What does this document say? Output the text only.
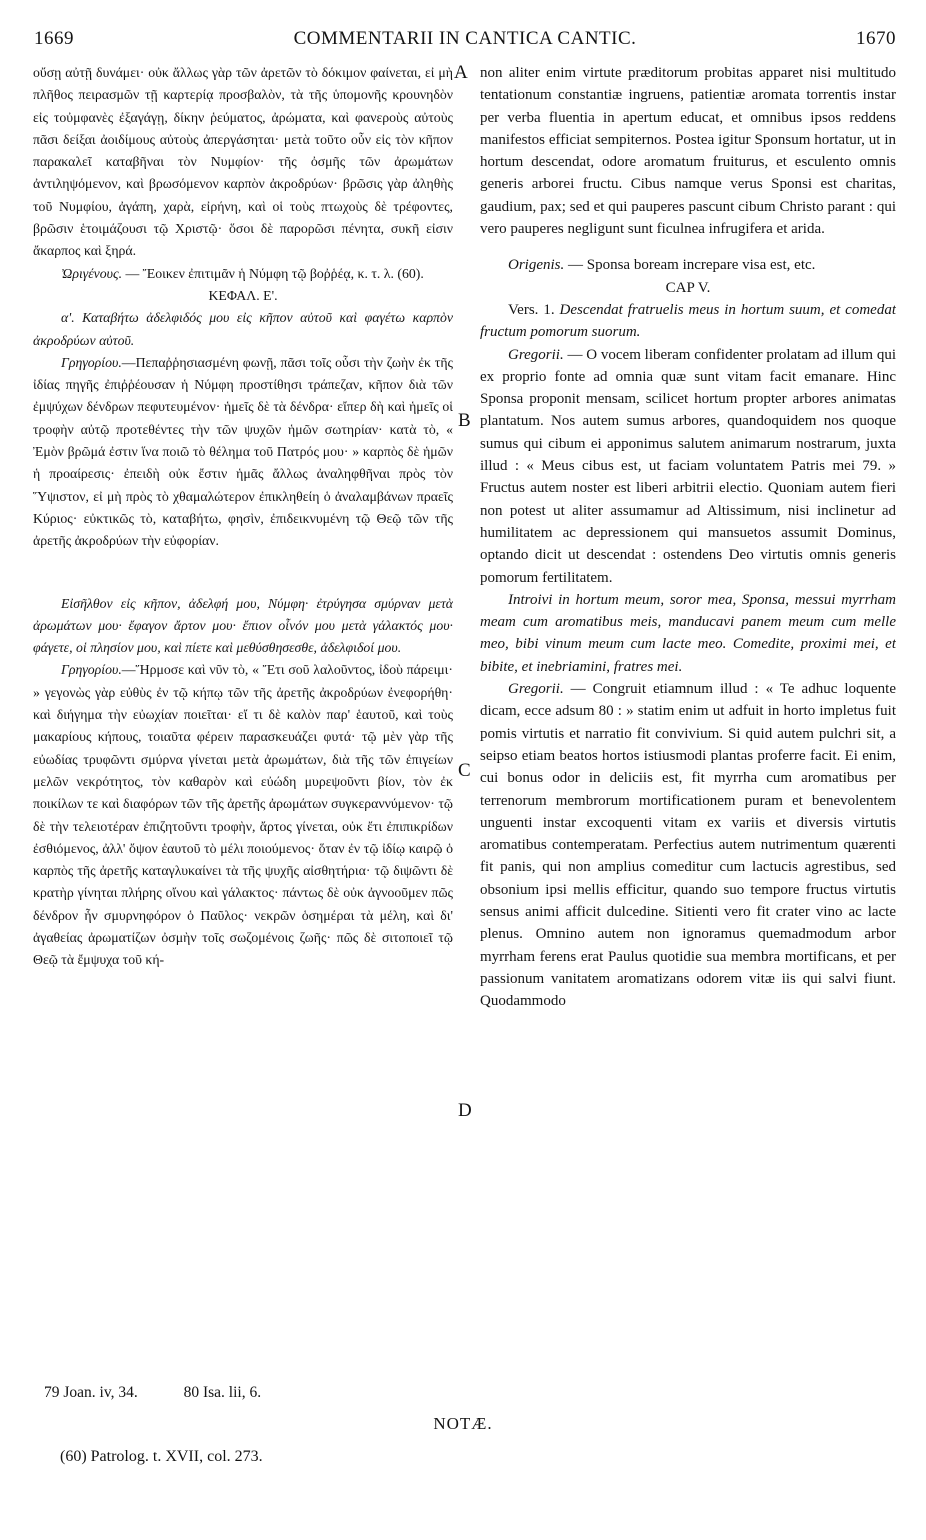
1669	COMMENTARII IN CANTICA CANTIC.	1670
A
B
C
D

οὔσῃ αὐτῇ δυνάμει· οὐκ ἄλλως γὰρ τῶν ἀρετῶν τὸ δόκιμον φαίνεται, εἰ μὴ πλῆθος πειρασμῶν τῇ καρτερίᾳ προσβαλὸν, τὰ τῆς ὑπομονῆς κρουνηδὸν εἰς τοὐμφανὲς ἐξαγάγῃ, δίκην ῥεύματος, ἀρώματα, καὶ φανεροὺς αὐτοὺς πᾶσι δείξαι ἀοιδίμους αὐτοὺς ἀπεργάσηται· μετὰ τοῦτο οὖν εἰς τὸν κῆπον παρακαλεῖ καταβῆναι τὸν Νυμφίον· τῆς ὀσμῆς τῶν ἀρωμάτων ἀντιληψόμενον, καὶ βρωσόμενον καρπὸν ἀκροδρύων· βρῶσις γὰρ ἀληθὴς τοῦ Νυμφίου, ἀγάπη, χαρὰ, εἰρήνη, καὶ οἱ τοὺς πτωχοὺς δὲ τρέφοντες, βρῶσιν ἑτοιμάζουσι τῷ Χριστῷ· ὅσοι δὲ παρορῶσι πένητα, συκῆ εἰσιν ἄκαρπος καὶ ξηρά.

Ὠριγένους. — Ἔοικεν ἐπιτιμᾶν ἡ Νύμφη τῷ βοῤῥέᾳ, κ. τ. λ. (60).

ΚΕΦΑΛ. Ε'.

α'. Καταβήτω ἀδελφιδός μου εἰς κῆπον αὐτοῦ καὶ φαγέτω καρπὸν ἀκροδρύων αὐτοῦ.

Γρηγορίου.—Πεπαῤῥησιασμένη φωνῇ, πᾶσι τοῖς οὖσι τὴν ζωὴν ἐκ τῆς ἰδίας πηγῆς ἐπιῤῥέουσαν ἡ Νύμφη προστίθησι τράπεζαν, κῆπον διὰ τῶν ἐμψύχων δένδρων πεφυτευμένον· ἡμεῖς δὲ τὰ δένδρα· εἴπερ δὴ καὶ ἡμεῖς οἱ τροφὴν αὐτῷ προτεθέντες τὴν τῶν ψυχῶν ἡμῶν σωτηρίαν· κατὰ τὸ, « Ἐμὸν βρῶμά ἐστιν ἵνα ποιῶ τὸ θέλημα τοῦ Πατρός μου· » καρπὸς δὲ ἡμῶν ἡ προαίρεσις· ἐπειδὴ οὐκ ἔστιν ἡμᾶς ἄλλως ἀναληφθῆναι πρὸς τὸν Ὕψιστον, εἰ μὴ πρὸς τὸ χθαμαλώτερον ἐπικληθείη ὁ ἀναλαμβάνων πραεῖς Κύριος· εὐκτικῶς τὸ, καταβήτω, φησὶν, ἐπιδεικνυμένη τῷ Θεῷ τῶν τῆς ἀρετῆς ἀκροδρύων τὴν εὐφορίαν.

Εἰσῆλθον εἰς κῆπον, ἀδελφή μου, Νύμφη· ἐτρύγησα σμύρναν μετὰ ἀρωμάτων μου· ἔφαγον ἄρτον μου· ἔπιον οἶνόν μου μετὰ γάλακτός μου· φάγετε, οἱ πλησίον μου, καὶ πίετε καὶ μεθύσθησεσθε, ἀδελφιδοί μου.

Γρηγορίου.—Ἥρμοσε καὶ νῦν τὸ, « Ἔτι σοῦ λαλοῦντος, ἰδοὺ πάρειμι· » γεγονὼς γὰρ εὐθὺς ἐν τῷ κήπῳ τῶν τῆς ἀρετῆς ἀκροδρύων ἐνεφορήθη· καὶ διήγημα τὴν εὐωχίαν ποιεῖται· εἴ τι δὲ καλὸν παρ' ἑαυτοῦ, καὶ τοὺς μακαρίους κήπους, τοιαῦτα φέρειν παρασκευάζει φυτά· τῷ μὲν γὰρ τῆς εὐωδίας τρυφῶντι σμύρνα γίνεται μετὰ ἀρωμάτων, διὰ τῆς τῶν ἐπιγείων μελῶν νεκρότητος, τὸν καθαρὸν καὶ εὐώδη μυρεψοῦντι βίον, τὸν ἐκ ποικίλων τε καὶ διαφόρων τῶν τῆς ἀρετῆς ἀρωμάτων συγκεραννύμενον· τῷ δὲ τὴν τελειοτέραν ἐπιζητοῦντι τροφὴν, ἄρτος γίνεται, οὐκ ἔτι ἐπιπικρίδων ἐσθιόμενος, ἀλλ' ὄψον ἑαυτοῦ τὸ μέλι ποιούμενος· ὅταν ἐν τῷ ἰδίῳ καιρῷ ὁ καρπὸς τῆς ἀρετῆς καταγλυκαίνει τὰ τῆς ψυχῆς αἰσθητήρια· τῷ διψῶντι δὲ κρατὴρ γίνηται πλήρης οἴνου καὶ γάλακτος· πάντως δὲ οὐκ ἀγνοοῦμεν πῶς δένδρον ἦν σμυρνηφόρον ὁ Παῦλος· νεκρῶν ὁσημέραι τὰ μέλη, καὶ δι' ἀγαθείας ἀρωματίζων ὀσμὴν τοῖς σωζομένοις ζωῆς· πῶς δὲ σιτοποιεῖ τῷ Θεῷ τὰ ἔμψυχα τοῦ κή-

non aliter enim virtute præditorum probitas apparet nisi multitudo tentationum constantiæ ingruens, patientiæ aromata torrentis instar per verba fluentia in apertum educat, et omnibus ipsos reddens manifestos efficiat sempiternos. Postea igitur Sponsum hortatur, ut in hortum descendat, odore aromatum fruiturus, et esculento omnis generis arborei fructu. Cibus namque verus Sponsi est charitas, gaudium, pax; sed et qui pauperes pascunt cibum Christo parant : qui vero pauperes negligunt sunt ficulnea infrugifera et arida.

Origenis. — Sponsa boream increpare visa est, etc.

CAP V.

Vers. 1. Descendat fratruelis meus in hortum suum, et comedat fructum pomorum suorum.

Gregorii. — O vocem liberam confidenter prolatam ad illum qui ex proprio fonte ad omnia quæ sunt vitam facit emanare. Hinc Sponsa proponit mensam, scilicet hortum propter arbores animatas plantatum. Nos autem sumus arbores, quandoquidem nos quoque sumus qui cibum ei apponimus salutem animarum nostrarum, juxta illud : « Meus cibus est, ut faciam voluntatem Patris mei 79. » Fructus autem noster est liberi arbitrii electio. Quoniam autem fieri non potest ut aliter assumamur ad Altissimum, nisi inclinetur ad humilitatem ac depressionem qui mansuetos assumit Dominus, optando dicit ut descendat : ostendens Deo virtutis omnis generis pomorum fertilitatem.

Introivi in hortum meum, soror mea, Sponsa, messui myrrham meam cum aromatibus meis, manducavi panem meum cum melle meo, bibi vinum meum cum lacte meo. Comedite, proximi mei, et bibite, et inebriamini, fratres mei.

Gregorii. — Congruit etiamnum illud : « Te adhuc loquente dicam, ecce adsum 80 : » statim enim ut adfuit in horto impletus fuit pomis virtutis et narratio fit convivium. Si quid autem pulchri sit, a seipso etiam beatos hortos istiusmodi plantas proferre facit. Ei enim, cui bonus odor in deliciis est, fit myrrha cum aromatibus per terrenorum membrorum mortificationem puram et benevolentem unguenti instar excoquenti vitam ex variis et diversis virtutis aromatibus contemperatam. Perfectius autem nutrimentum quærenti fit panis, qui non amplius comeditur cum lactucis agrestibus, sed obsonium ipsi mellis efficitur, quando suo tempore fructus virtutis sensus animi afficit dulcedine. Sitienti vero fit crater vino ac lacte plenus. Omnino autem non ignoramus quemadmodum arbor myrrham ferens erat Paulus quotidie sua membra mortificans, et per passionum vanitatem aromatizans odorem vitæ iis qui salvi fiunt. Quodammodo

79 Joan. iv, 34.	80 Isa. lii, 6.
NOTÆ.
(60) Patrolog. t. XVII, col. 273.
